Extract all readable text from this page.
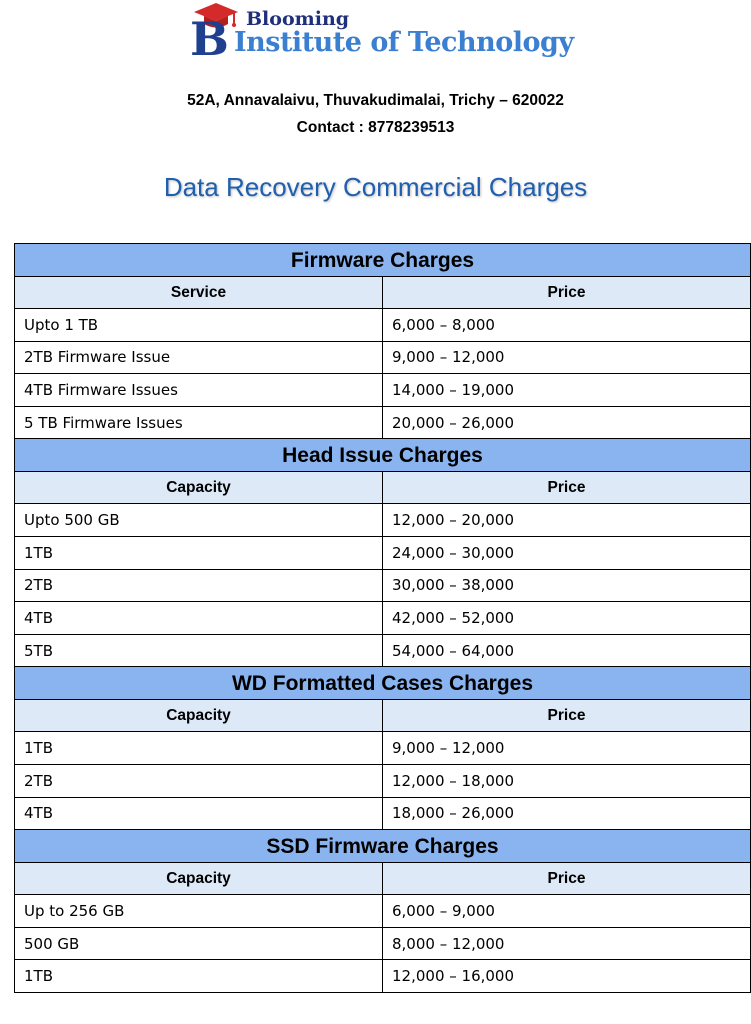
B Blooming
Institute of Technology
52A, Annavalaivu, Thuvakudimalai, Trichy – 620022
Contact : 8778239513
Data Recovery Commercial Charges
Firmware Charges	
Service	Price
Upto 1 TB	6,000 – 8,000
2TB Firmware Issue	9,000 – 12,000
4TB Firmware Issues	14,000 – 19,000
5 TB Firmware Issues	20,000 – 26,000
Head Issue Charges	
Capacity	Price
Upto 500 GB	12,000 – 20,000
1TB	24,000 – 30,000
2TB	30,000 – 38,000
4TB	42,000 – 52,000
5TB	54,000 – 64,000
WD Formatted Cases Charges	
Capacity	Price
1TB	9,000 – 12,000
2TB	12,000 – 18,000
4TB	18,000 – 26,000
SSD Firmware Charges	
Capacity	Price
Up to 256 GB	6,000 – 9,000
500 GB	8,000 – 12,000
1TB	12,000 – 16,000
